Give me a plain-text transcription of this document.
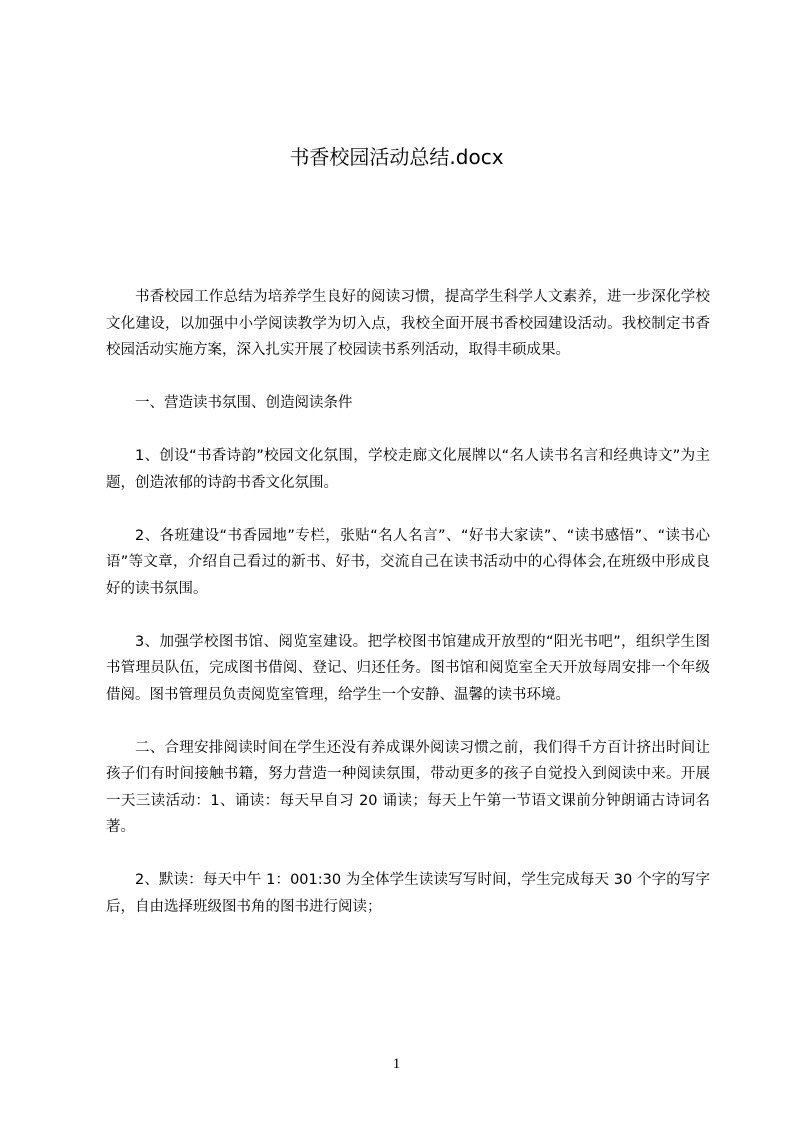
书香校园活动总结.docx

书香校园工作总结为培养学生良好的阅读习惯，提高学生科学人文素养，进一步深化学校文化建设，以加强中小学阅读教学为切入点，我校全面开展书香校园建设活动。我校制定书香校园活动实施方案，深入扎实开展了校园读书系列活动，取得丰硕成果。

一、营造读书氛围、创造阅读条件

1、创设“书香诗韵”校园文化氛围，学校走廊文化展牌以“名人读书名言和经典诗文”为主题，创造浓郁的诗韵书香文化氛围。

2、各班建设“书香园地”专栏，张贴“名人名言”、“好书大家读”、“读书感悟”、“读书心语”等文章，介绍自己看过的新书、好书，交流自己在读书活动中的心得体会,在班级中形成良好的读书氛围。

3、加强学校图书馆、阅览室建设。把学校图书馆建成开放型的“阳光书吧”，组织学生图书管理员队伍，完成图书借阅、登记、归还任务。图书馆和阅览室全天开放每周安排一个年级借阅。图书管理员负责阅览室管理，给学生一个安静、温馨的读书环境。

二、合理安排阅读时间在学生还没有养成课外阅读习惯之前，我们得千方百计挤出时间让孩子们有时间接触书籍，努力营造一种阅读氛围，带动更多的孩子自觉投入到阅读中来。开展一天三读活动：1、诵读：每天早自习 20 诵读；每天上午第一节语文课前分钟朗诵古诗词名著。

2、默读：每天中午 1：001:30 为全体学生读读写写时间，学生完成每天 30 个字的写字后，自由选择班级图书角的图书进行阅读；

1
